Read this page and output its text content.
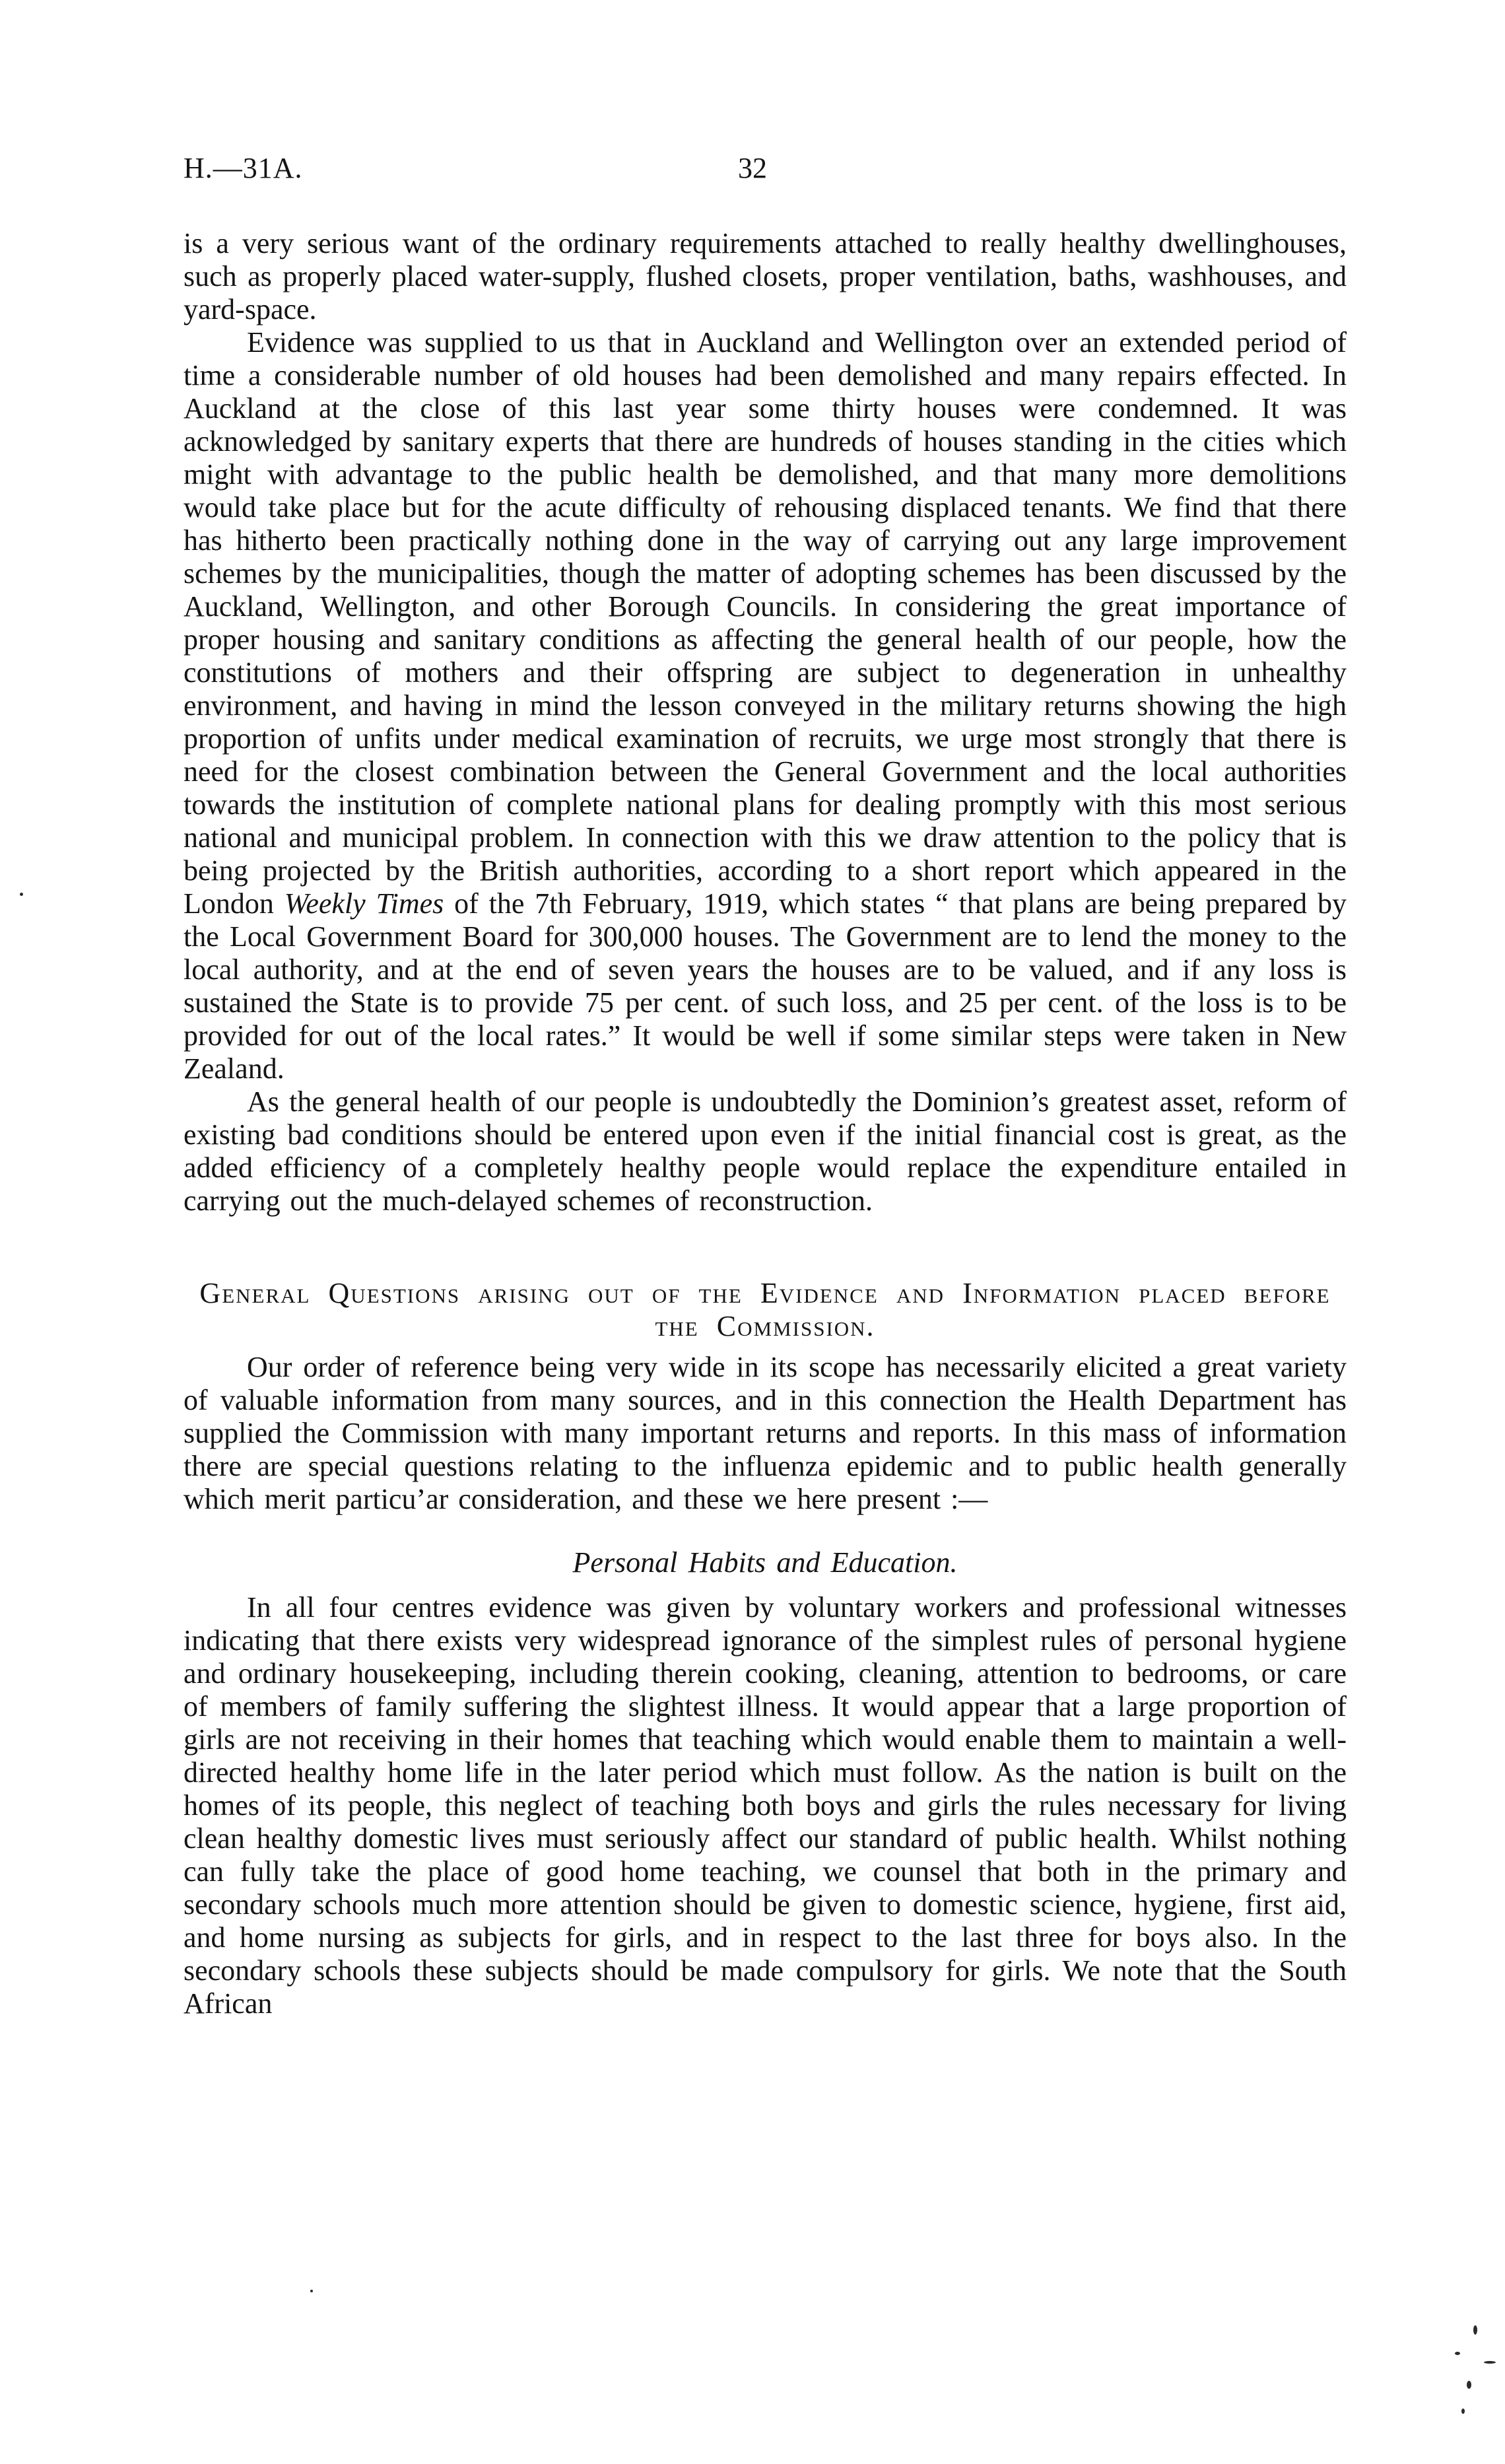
H.—31A.	32

is a very serious want of the ordinary requirements attached to really healthy dwellinghouses, such as properly placed water-supply, flushed closets, proper ventilation, baths, washhouses, and yard-space.

Evidence was supplied to us that in Auckland and Wellington over an extended period of time a considerable number of old houses had been demolished and many repairs effected. In Auckland at the close of this last year some thirty houses were condemned. It was acknowledged by sanitary experts that there are hundreds of houses standing in the cities which might with advantage to the public health be demolished, and that many more demolitions would take place but for the acute difficulty of rehousing displaced tenants. We find that there has hitherto been practically nothing done in the way of carrying out any large improvement schemes by the municipalities, though the matter of adopting schemes has been discussed by the Auckland, Wellington, and other Borough Councils. In considering the great importance of proper housing and sanitary conditions as affecting the general health of our people, how the constitutions of mothers and their offspring are subject to degeneration in unhealthy environment, and having in mind the lesson conveyed in the military returns showing the high proportion of unfits under medical examination of recruits, we urge most strongly that there is need for the closest combination between the General Government and the local authorities towards the institution of complete national plans for dealing promptly with this most serious national and municipal problem. In connection with this we draw attention to the policy that is being projected by the British authorities, according to a short report which appeared in the London Weekly Times of the 7th February, 1919, which states “ that plans are being prepared by the Local Government Board for 300,000 houses. The Government are to lend the money to the local authority, and at the end of seven years the houses are to be valued, and if any loss is sustained the State is to provide 75 per cent. of such loss, and 25 per cent. of the loss is to be provided for out of the local rates.” It would be well if some similar steps were taken in New Zealand.

As the general health of our people is undoubtedly the Dominion’s greatest asset, reform of existing bad conditions should be entered upon even if the initial financial cost is great, as the added efficiency of a completely healthy people would replace the expenditure entailed in carrying out the much-delayed schemes of reconstruction.

General Questions arising out of the Evidence and Information placed before the Commission.

Our order of reference being very wide in its scope has necessarily elicited a great variety of valuable information from many sources, and in this connection the Health Department has supplied the Commission with many important returns and reports. In this mass of information there are special questions relating to the influenza epidemic and to public health generally which merit particu’ar consideration, and these we here present :—

Personal Habits and Education.

In all four centres evidence was given by voluntary workers and professional witnesses indicating that there exists very widespread ignorance of the simplest rules of personal hygiene and ordinary housekeeping, including therein cooking, cleaning, attention to bedrooms, or care of members of family suffering the slightest illness. It would appear that a large proportion of girls are not receiving in their homes that teaching which would enable them to maintain a well-directed healthy home life in the later period which must follow. As the nation is built on the homes of its people, this neglect of teaching both boys and girls the rules necessary for living clean healthy domestic lives must seriously affect our standard of public health. Whilst nothing can fully take the place of good home teaching, we counsel that both in the primary and secondary schools much more attention should be given to domestic science, hygiene, first aid, and home nursing as subjects for girls, and in respect to the last three for boys also. In the secondary schools these subjects should be made compulsory for girls. We note that the South African
